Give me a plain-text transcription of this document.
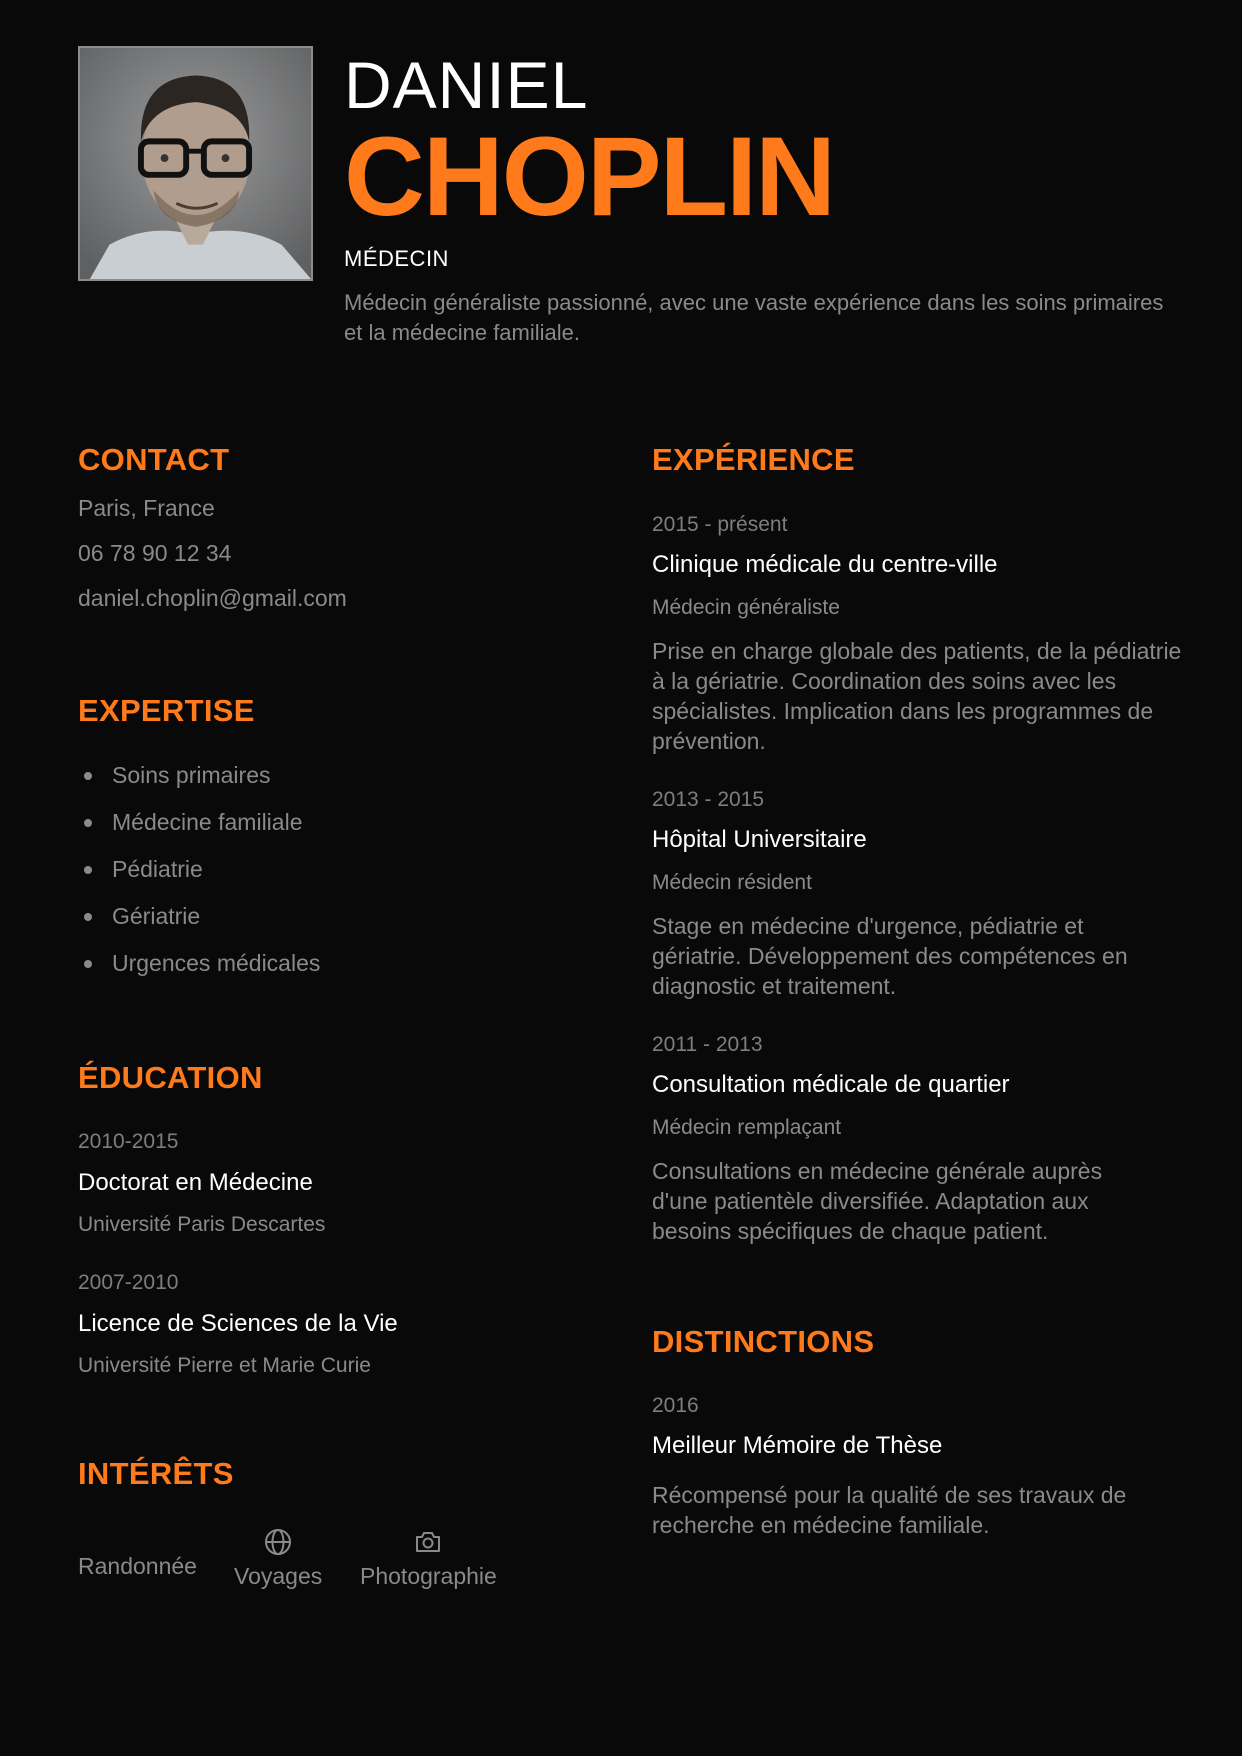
DANIEL
CHOPLIN
MÉDECIN
Médecin généraliste passionné, avec une vaste expérience dans les soins primaires et la médecine familiale.
CONTACT
Paris, France
06 78 90 12 34
daniel.choplin@gmail.com
EXPERTISE
Soins primaires
Médecine familiale
Pédiatrie
Gériatrie
Urgences médicales
ÉDUCATION
2010-2015
Doctorat en Médecine
Université Paris Descartes
2007-2010
Licence de Sciences de la Vie
Université Pierre et Marie Curie
INTÉRÊTS
Randonnée Voyages Photographie
EXPÉRIENCE
2015 - présent
Clinique médicale du centre-ville
Médecin généraliste
Prise en charge globale des patients, de la pédiatrie à la gériatrie. Coordination des soins avec les spécialistes. Implication dans les programmes de prévention.
2013 - 2015
Hôpital Universitaire
Médecin résident
Stage en médecine d'urgence, pédiatrie et gériatrie. Développement des compétences en diagnostic et traitement.
2011 - 2013
Consultation médicale de quartier
Médecin remplaçant
Consultations en médecine générale auprès d'une patientèle diversifiée. Adaptation aux besoins spécifiques de chaque patient.
DISTINCTIONS
2016
Meilleur Mémoire de Thèse
Récompensé pour la qualité de ses travaux de recherche en médecine familiale.
